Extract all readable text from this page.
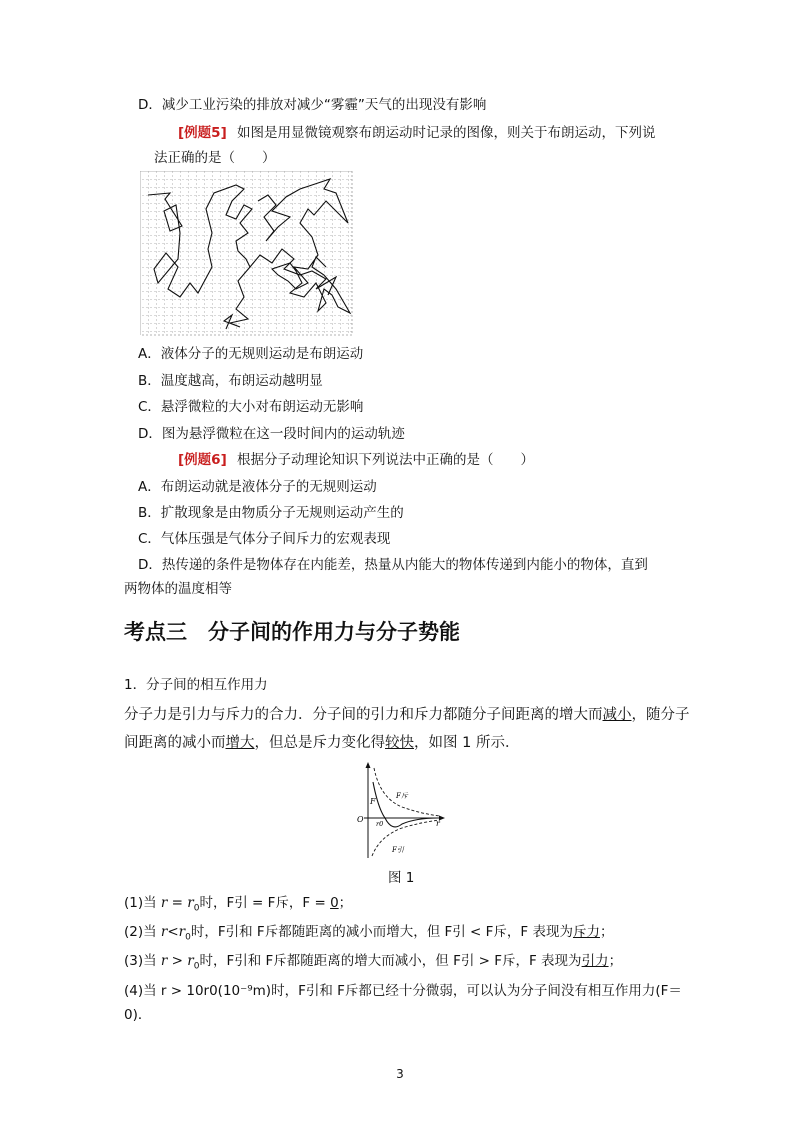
D．减少工业污染的排放对减少“雾霾”天气的出现没有影响
[例题5] 如图是用显微镜观察布朗运动时记录的图像，则关于布朗运动，下列说
法正确的是（　　）
A．液体分子的无规则运动是布朗运动
B．温度越高，布朗运动越明显
C．悬浮微粒的大小对布朗运动无影响
D．图为悬浮微粒在这一段时间内的运动轨迹
[例题6] 根据分子动理论知识下列说法中正确的是（　　）
A．布朗运动就是液体分子的无规则运动
B．扩散现象是由物质分子无规则运动产生的
C．气体压强是气体分子间斥力的宏观表现
D．热传递的条件是物体存在内能差，热量从内能大的物体传递到内能小的物体，直到
两物体的温度相等
考点三　分子间的作用力与分子势能
1．分子间的相互作用力
分子力是引力与斥力的合力．分子间的引力和斥力都随分子间距离的增大而减小，随分子
间距离的减小而增大，但总是斥力变化得较快，如图 1 所示．
O
F
r0	r
F斥
F引
图 1
(1)当 $r = r_0$时，F引 = F斥，F = 0；
(2)当 $r<r_0$时，F引和 F斥都随距离的减小而增大，但 F引 < F斥，F 表现为斥力；
(3)当 $r > r_0$时，F引和 F斥都随距离的增大而减小，但 F引 > F斥，F 表现为引力；
(4)当 r > 10r0(10⁻⁹m)时，F引和 F斥都已经十分微弱，可以认为分子间没有相互作用力(F＝
0)．
3
